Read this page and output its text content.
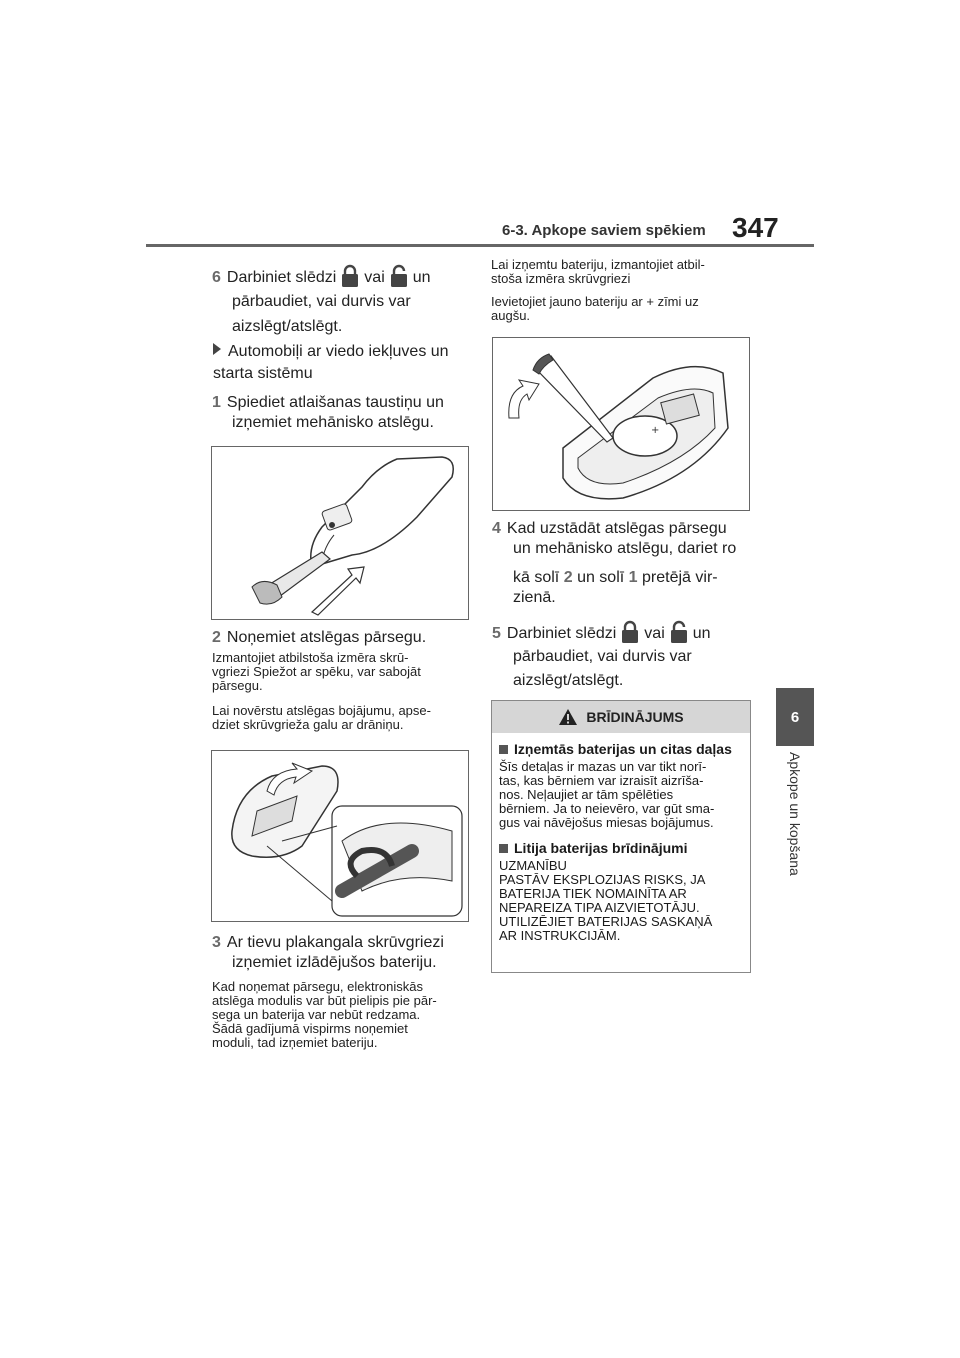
6-3. Apkope saviem spēkiem 347
6
Apkope un kopšana
6 Darbiniet slēdzi vai un
pārbaudiet, vai durvis var
aizslēgt/atslēgt.
Automobiļi ar viedo iekļuves un
starta sistēmu
1 Spiediet atlaišanas taustiņu un
izņemiet mehānisko atslēgu.
2 Noņemiet atslēgas pārsegu.
Izmantojiet atbilstoša izmēra skrū-
vgriezi Spiežot ar spēku, var sabojāt
pārsegu.
Lai novērstu atslēgas bojājumu, apse-
dziet skrūvgrieža galu ar drāniņu.
3 Ar tievu plakangala skrūvgriezi
izņemiet izlādējušos bateriju.
Kad noņemat pārsegu, elektroniskās
atslēga modulis var būt pielipis pie pār-
sega un baterija var nebūt redzama.
Šādā gadījumā vispirms noņemiet
moduli, tad izņemiet bateriju.
Lai izņemtu bateriju, izmantojiet atbil-
stoša izmēra skrūvgriezi
Ievietojiet jauno bateriju ar + zīmi uz
augšu.
+
4 Kad uzstādāt atslēgas pārsegu
un mehānisko atslēgu, dariet ro
kā solī 2 un solī 1 pretējā vir-
zienā.
5 Darbiniet slēdzi vai un
pārbaudiet, vai durvis var
aizslēgt/atslēgt.
BRĪDINĀJUMS
Izņemtās baterijas un citas daļas
Šīs detaļas ir mazas un var tikt norī-
tas, kas bērniem var izraisīt aizrīša-
nos. Neļaujiet ar tām spēlēties
bērniem. Ja to neievēro, var gūt sma-
gus vai nāvējošus miesas bojājumus.
Litija baterijas brīdinājumi
UZMANĪBU
PASTĀV EKSPLOZIJAS RISKS, JA
BATERIJA TIEK NOMAINĪTA AR
NEPAREIZA TIPA AIZVIETOTĀJU.
UTILIZĒJIET BATERIJAS SASKAŅĀ
AR INSTRUKCIJĀM.
